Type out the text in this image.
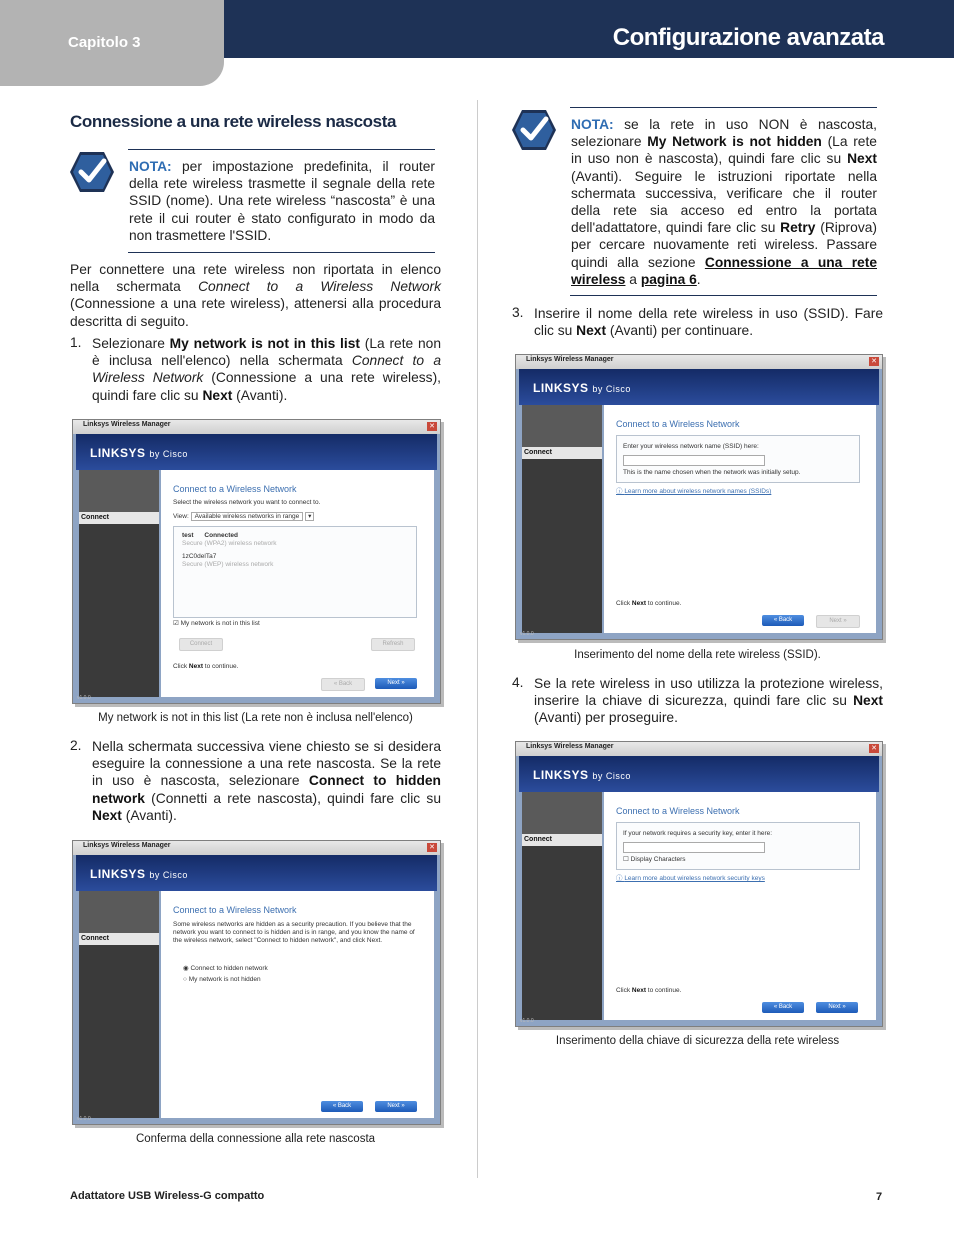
Capitolo 3	Configurazione avanzata
Connessione a una rete wireless nascosta
NOTA: per impostazione predefinita, il router della rete wireless trasmette il segnale della rete SSID (nome). Una rete wireless “nascosta” è una rete il cui router è stato configurato in modo da non trasmettere l'SSID.
Per connettere una rete wireless non riportata in elenco nella schermata Connect to a Wireless Network (Connessione a una rete wireless), attenersi alla procedura descritta di seguito.
1. Selezionare My network is not in this list (La rete non è inclusa nell'elenco) nella schermata Connect to a Wireless Network (Connessione a una rete wireless), quindi fare clic su Next (Avanti).
Linksys Wireless Manager	✕
LINKSYS by Cisco
Connect
Connect to a Wireless Network
Select the wireless network you want to connect to.
View: Available wireless networks in range ▾
test Connected
Secure (WPA2) wireless network
1zC0delTa7
Secure (WEP) wireless network
☑ My network is not in this list
Connect	Refresh
Click Next to continue.
« Back	Next »
v1.0.0
My network is not in this list (La rete non è inclusa nell'elenco)
2. Nella schermata successiva viene chiesto se si desidera eseguire la connessione a una rete nascosta. Se la rete in uso è nascosta, selezionare Connect to hidden network (Connetti a rete nascosta), quindi fare clic su Next (Avanti).
Linksys Wireless Manager	✕
LINKSYS by Cisco
Connect
Connect to a Wireless Network
Some wireless networks are hidden as a security precaution. If you believe that the network you want to connect to is hidden and is in range, and you know the name of the wireless network, select "Connect to hidden network", and click Next.
◉ Connect to hidden network
○ My network is not hidden
« Back	Next »
v1.0.0
Conferma della connessione alla rete nascosta
NOTA: se la rete in uso NON è nascosta, selezionare My Network is not hidden (La rete in uso non è nascosta), quindi fare clic su Next (Avanti). Seguire le istruzioni riportate nella schermata successiva, verificare che il router della rete sia acceso ed entro la portata dell'adattatore, quindi fare clic su Retry (Riprova) per cercare nuovamente reti wireless. Passare quindi alla sezione Connessione a una rete wireless a pagina 6.
3. Inserire il nome della rete wireless in uso (SSID). Fare clic su Next (Avanti) per continuare.
Linksys Wireless Manager	✕
LINKSYS by Cisco
Connect
Connect to a Wireless Network
Enter your wireless network name (SSID) here:
This is the name chosen when the network was initially setup.
ⓘ Learn more about wireless network names (SSIDs)
Click Next to continue.
« Back	Next »
v1.0.0
Inserimento del nome della rete wireless (SSID).
4. Se la rete wireless in uso utilizza la protezione wireless, inserire la chiave di sicurezza, quindi fare clic su Next (Avanti) per proseguire.
Linksys Wireless Manager	✕
LINKSYS by Cisco
Connect
Connect to a Wireless Network
If your network requires a security key, enter it here:
☐ Display Characters
ⓘ Learn more about wireless network security keys
Click Next to continue.
« Back	Next »
v1.0.0
Inserimento della chiave di sicurezza della rete wireless
Adattatore USB Wireless-G compatto	7
